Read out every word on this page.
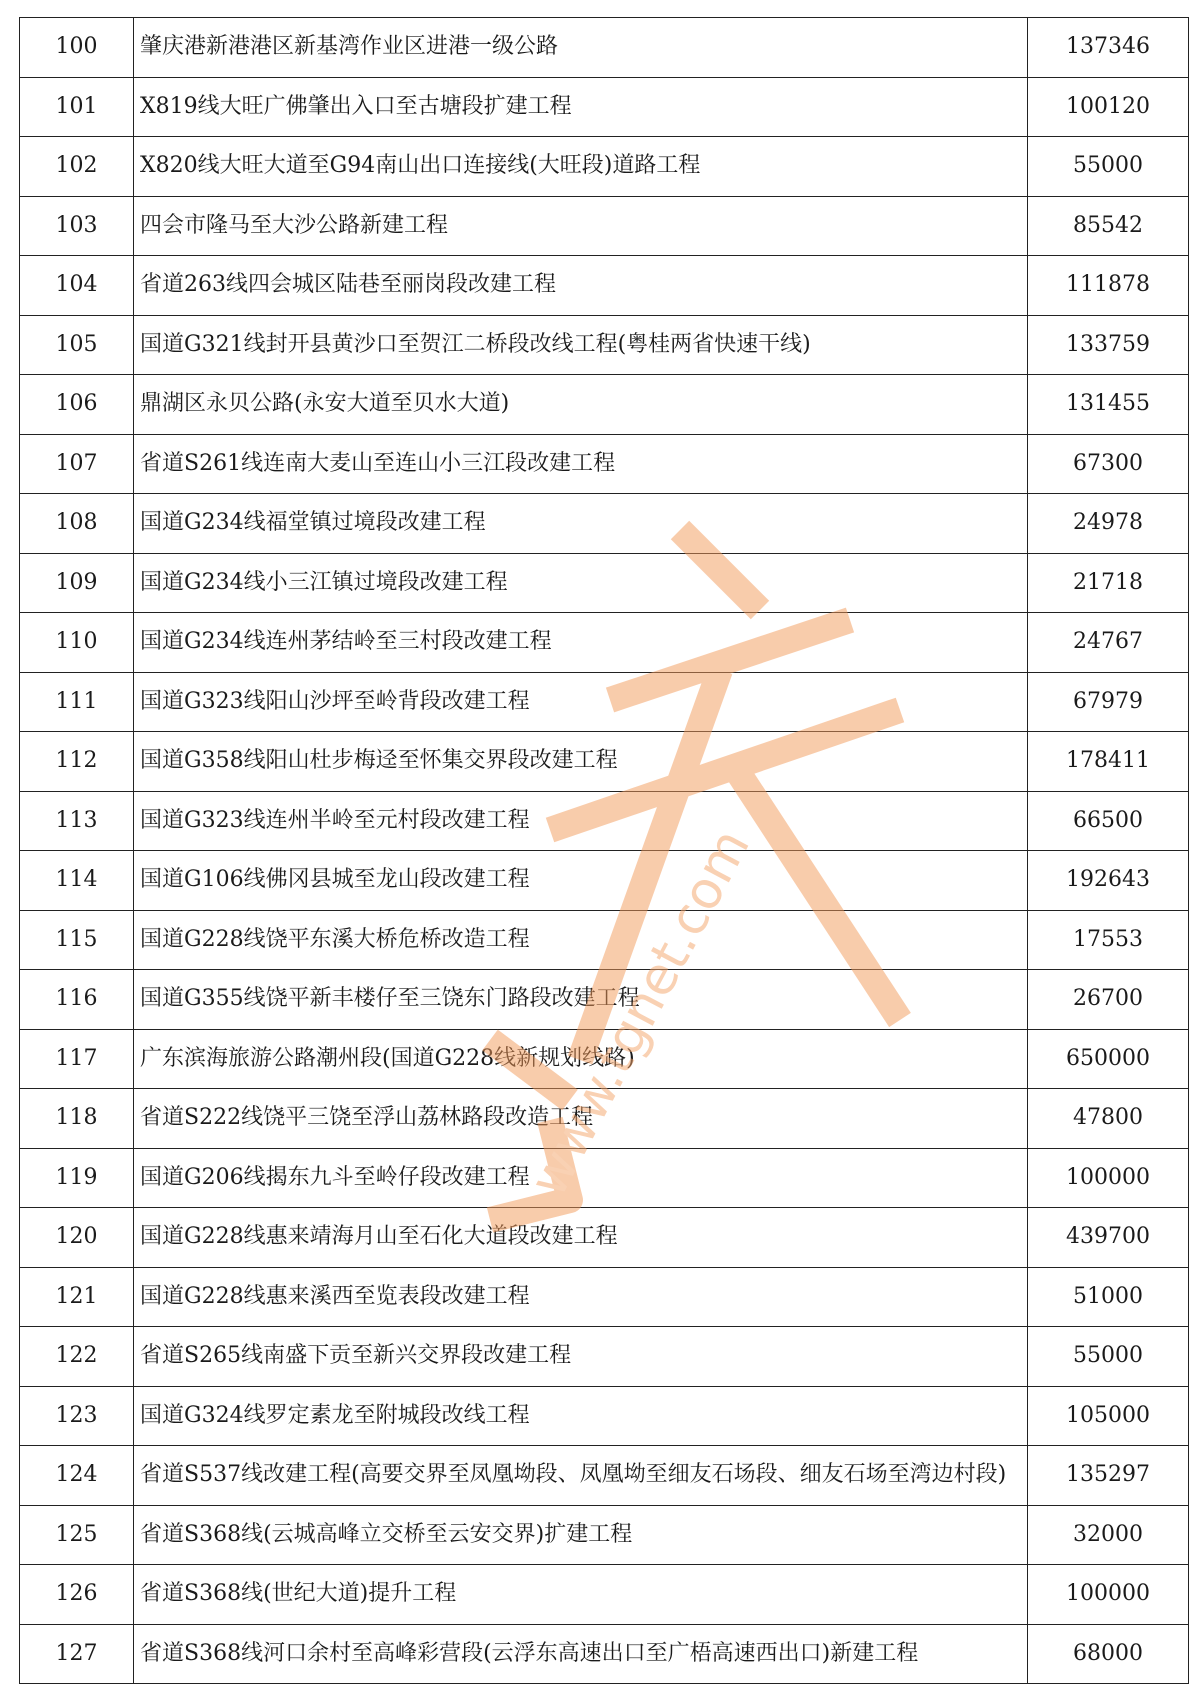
100	肇庆港新港港区新基湾作业区进港一级公路	137346
101	X819线大旺广佛肇出入口至古塘段扩建工程	100120
102	X820线大旺大道至G94南山出口连接线(大旺段)道路工程	55000
103	四会市隆马至大沙公路新建工程	85542
104	省道263线四会城区陆巷至丽岗段改建工程	111878
105	国道G321线封开县黄沙口至贺江二桥段改线工程(粤桂两省快速干线)	133759
106	鼎湖区永贝公路(永安大道至贝水大道)	131455
107	省道S261线连南大麦山至连山小三江段改建工程	67300
108	国道G234线福堂镇过境段改建工程	24978
109	国道G234线小三江镇过境段改建工程	21718
110	国道G234线连州茅结岭至三村段改建工程	24767
111	国道G323线阳山沙坪至岭背段改建工程	67979
112	国道G358线阳山杜步梅迳至怀集交界段改建工程	178411
113	国道G323线连州半岭至元村段改建工程	66500
114	国道G106线佛冈县城至龙山段改建工程	192643
115	国道G228线饶平东溪大桥危桥改造工程	17553
116	国道G355线饶平新丰楼仔至三饶东门路段改建工程	26700
117	广东滨海旅游公路潮州段(国道G228线新规划线路)	650000
118	省道S222线饶平三饶至浮山荔林路段改造工程	47800
119	国道G206线揭东九斗至岭仔段改建工程	100000
120	国道G228线惠来靖海月山至石化大道段改建工程	439700
121	国道G228线惠来溪西至览表段改建工程	51000
122	省道S265线南盛下贡至新兴交界段改建工程	55000
123	国道G324线罗定素龙至附城段改线工程	105000
124	省道S537线改建工程(高要交界至凤凰坳段、凤凰坳至细友石场段、细友石场至湾边村段)	135297
125	省道S368线(云城高峰立交桥至云安交界)扩建工程	32000
126	省道S368线(世纪大道)提升工程	100000
127	省道S368线河口余村至高峰彩营段(云浮东高速出口至广梧高速西出口)新建工程	68000
www.tgnet.com
